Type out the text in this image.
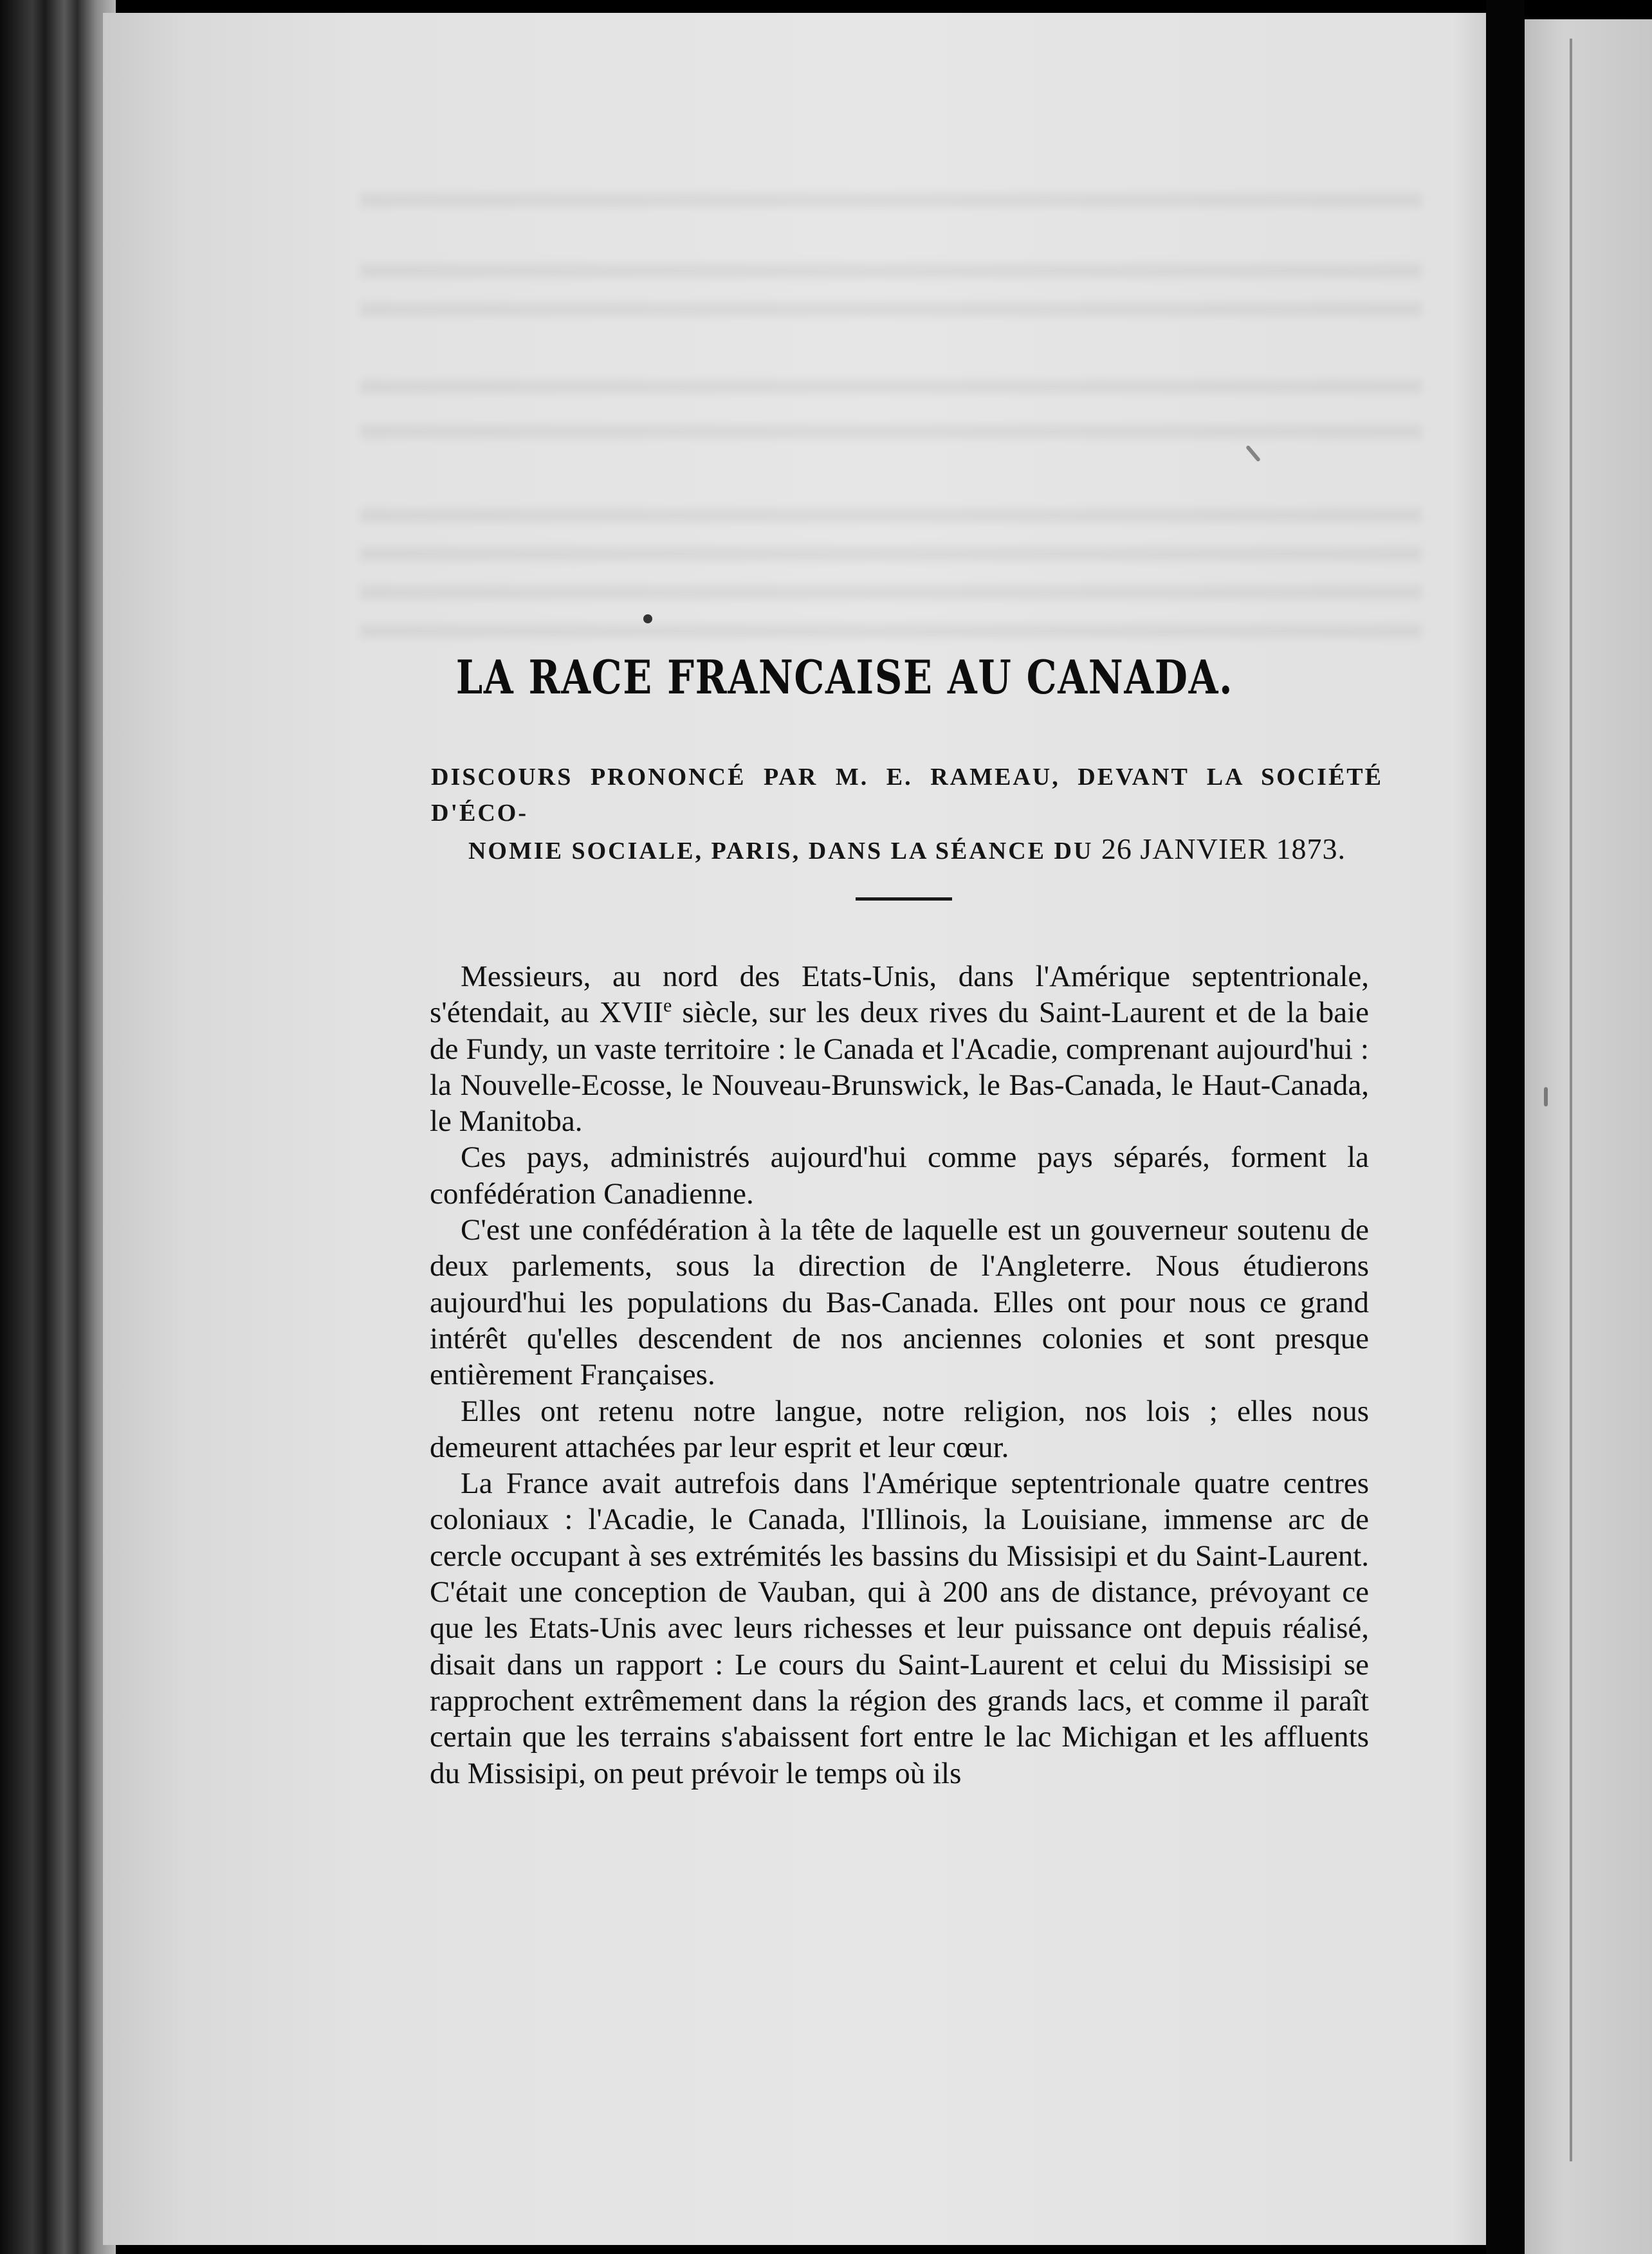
LA RACE FRANCAISE AU CANADA.
DISCOURS PRONONCÉ PAR M. E. RAMEAU, DEVANT LA SOCIÉTÉ D'ÉCO-
NOMIE SOCIALE, PARIS, DANS LA SÉANCE DU 26 JANVIER 1873.

Messieurs, au nord des Etats-Unis, dans l'Amérique septentrionale, s'étendait, au XVIIe siècle, sur les deux rives du Saint-Laurent et de la baie de Fundy, un vaste territoire : le Canada et l'Acadie, comprenant aujourd'hui : la Nouvelle-Ecosse, le Nouveau-Brunswick, le Bas-Canada, le Haut-Canada, le Manitoba.

Ces pays, administrés aujourd'hui comme pays séparés, forment la confédération Canadienne.

C'est une confédération à la tête de laquelle est un gouverneur soutenu de deux parlements, sous la direction de l'Angleterre. Nous étudierons aujourd'hui les populations du Bas-Canada. Elles ont pour nous ce grand intérêt qu'elles descendent de nos anciennes colonies et sont presque entièrement Françaises.

Elles ont retenu notre langue, notre religion, nos lois ; elles nous demeurent attachées par leur esprit et leur cœur.

La France avait autrefois dans l'Amérique septentrionale quatre centres coloniaux : l'Acadie, le Canada, l'Illinois, la Louisiane, immense arc de cercle occupant à ses extrémités les bassins du Missisipi et du Saint-Laurent. C'était une conception de Vauban, qui à 200 ans de distance, prévoyant ce que les Etats-Unis avec leurs richesses et leur puissance ont depuis réalisé, disait dans un rapport : Le cours du Saint-Laurent et celui du Missisipi se rapprochent extrêmement dans la région des grands lacs, et comme il paraît certain que les terrains s'abaissent fort entre le lac Michigan et les affluents du Missisipi, on peut prévoir le temps où ils
